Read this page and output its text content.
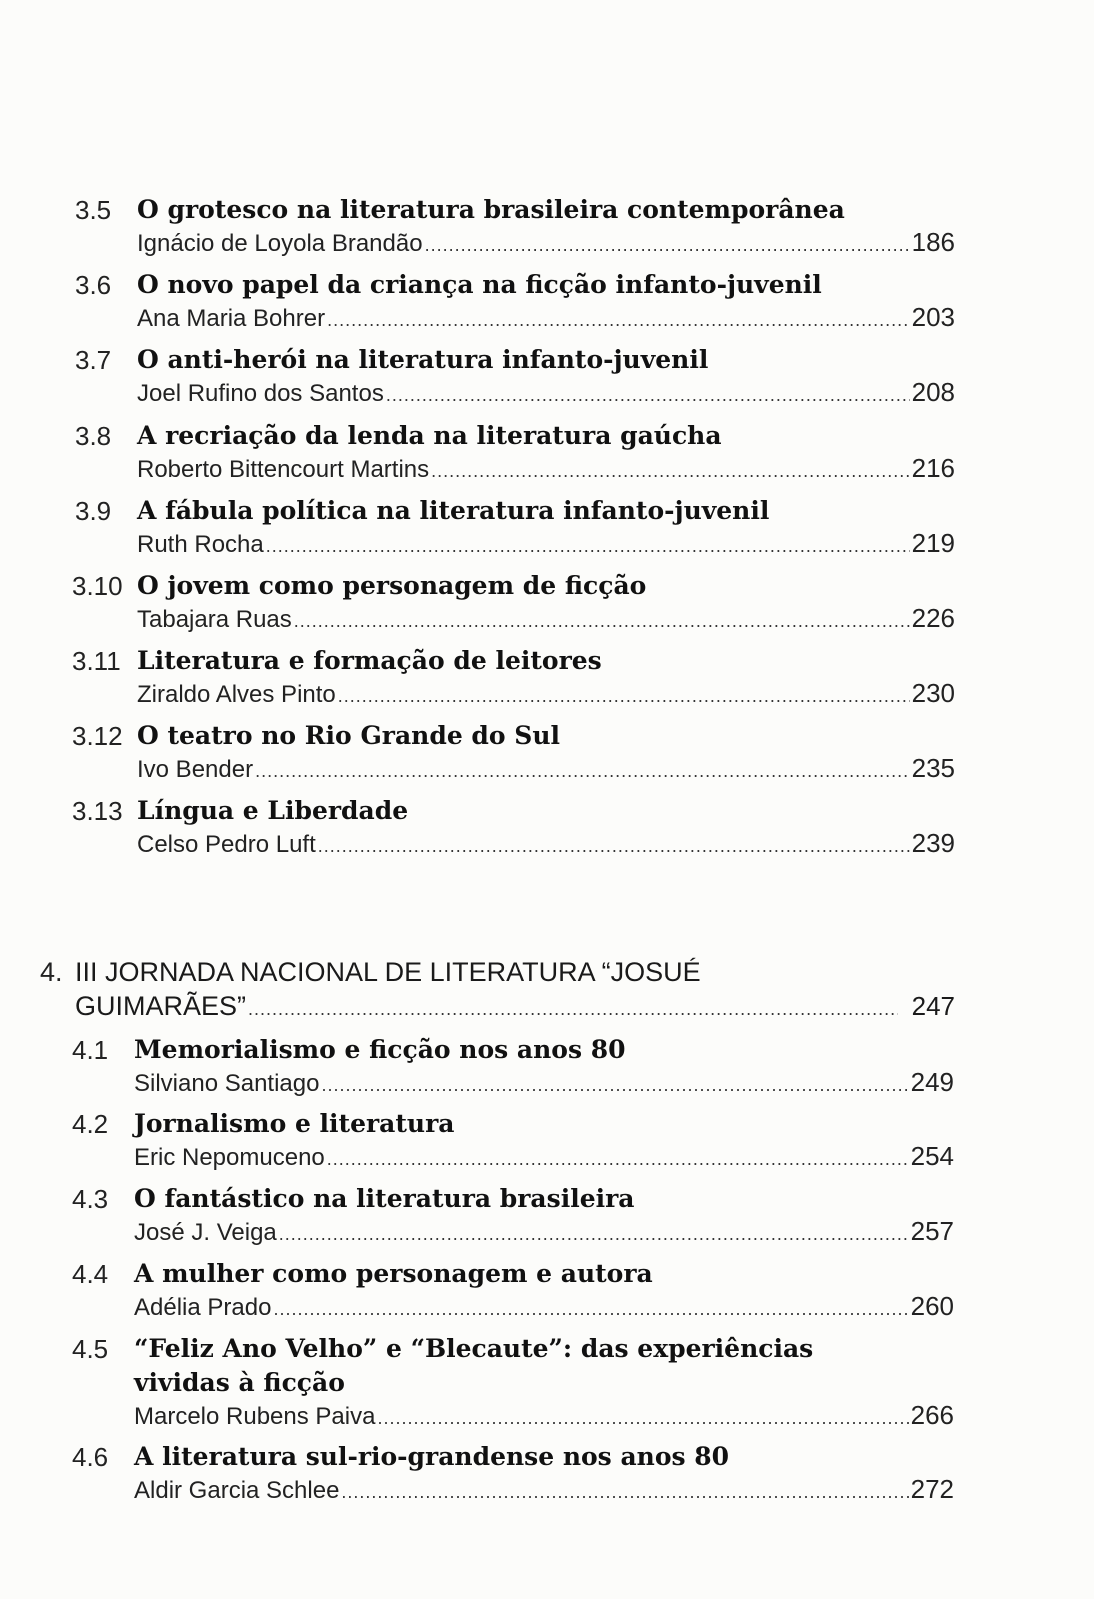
3.5 O grotesco na literatura brasileira contemporânea
Ignácio de Loyola Brandão .....	186
3.6 O novo papel da criança na ficção infanto-juvenil
Ana Maria Bohrer .....	203
3.7 O anti-herói na literatura infanto-juvenil
Joel Rufino dos Santos .....	208
3.8 A recriação da lenda na literatura gaúcha
Roberto Bittencourt Martins .....	216
3.9 A fábula política na literatura infanto-juvenil
Ruth Rocha .....	219
3.10 O jovem como personagem de ficção
Tabajara Ruas .....	226
3.11 Literatura e formação de leitores
Ziraldo Alves Pinto .....	230
3.12 O teatro no Rio Grande do Sul
Ivo Bender .....	235
3.13 Língua e Liberdade
Celso Pedro Luft .....	239
4. III JORNADA NACIONAL DE LITERATURA “JOSUÉ
GUIMARÃES” .....	247
4.1 Memorialismo e ficção nos anos 80
Silviano Santiago .....	249
4.2 Jornalismo e literatura
Eric Nepomuceno .....	254
4.3 O fantástico na literatura brasileira
José J. Veiga .....	257
4.4 A mulher como personagem e autora
Adélia Prado .....	260
4.5 “Feliz Ano Velho” e “Blecaute”: das experiências vividas à ficção
Marcelo Rubens Paiva .....	266
4.6 A literatura sul-rio-grandense nos anos 80
Aldir Garcia Schlee .....	272
